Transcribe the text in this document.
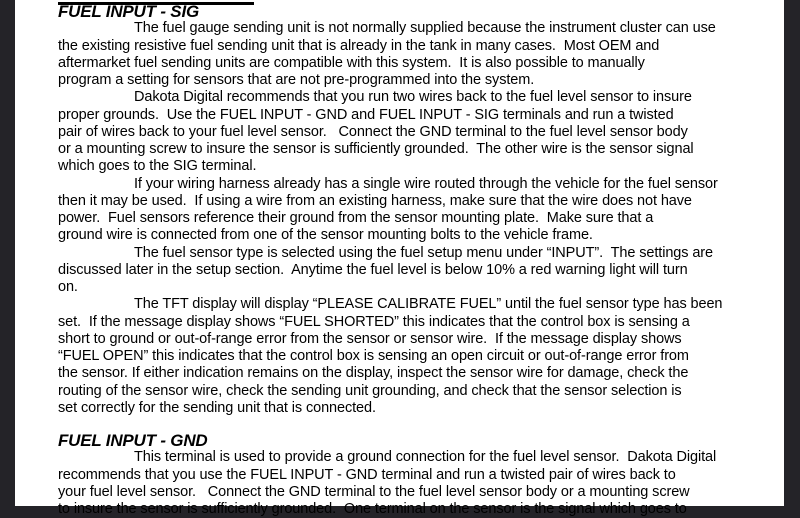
FUEL INPUT - SIG

The fuel gauge sending unit is not normally supplied because the instrument cluster can use

the existing resistive fuel sending unit that is already in the tank in many cases.  Most OEM and

aftermarket fuel sending units are compatible with this system.  It is also possible to manually

program a setting for sensors that are not pre-programmed into the system.

Dakota Digital recommends that you run two wires back to the fuel level sensor to insure

proper grounds.  Use the FUEL INPUT - GND and FUEL INPUT - SIG terminals and run a twisted

pair of wires back to your fuel level sensor.   Connect the GND terminal to the fuel level sensor body

or a mounting screw to insure the sensor is sufficiently grounded.  The other wire is the sensor signal

which goes to the SIG terminal.

If your wiring harness already has a single wire routed through the vehicle for the fuel sensor

then it may be used.  If using a wire from an existing harness, make sure that the wire does not have

power.  Fuel sensors reference their ground from the sensor mounting plate.  Make sure that a

ground wire is connected from one of the sensor mounting bolts to the vehicle frame.

The fuel sensor type is selected using the fuel setup menu under “INPUT”.  The settings are

discussed later in the setup section.  Anytime the fuel level is below 10% a red warning light will turn

on.

The TFT display will display “PLEASE CALIBRATE FUEL” until the fuel sensor type has been

set.  If the message display shows “FUEL SHORTED” this indicates that the control box is sensing a

short to ground or out-of-range error from the sensor or sensor wire.  If the message display shows

“FUEL OPEN” this indicates that the control box is sensing an open circuit or out-of-range error from

the sensor. If either indication remains on the display, inspect the sensor wire for damage, check the

routing of the sensor wire, check the sending unit grounding, and check that the sensor selection is

set correctly for the sending unit that is connected.

FUEL INPUT - GND

This terminal is used to provide a ground connection for the fuel level sensor.  Dakota Digital

recommends that you use the FUEL INPUT - GND terminal and run a twisted pair of wires back to

your fuel level sensor.   Connect the GND terminal to the fuel level sensor body or a mounting screw

to insure the sensor is sufficiently grounded.  One terminal on the sensor is the signal which goes to
